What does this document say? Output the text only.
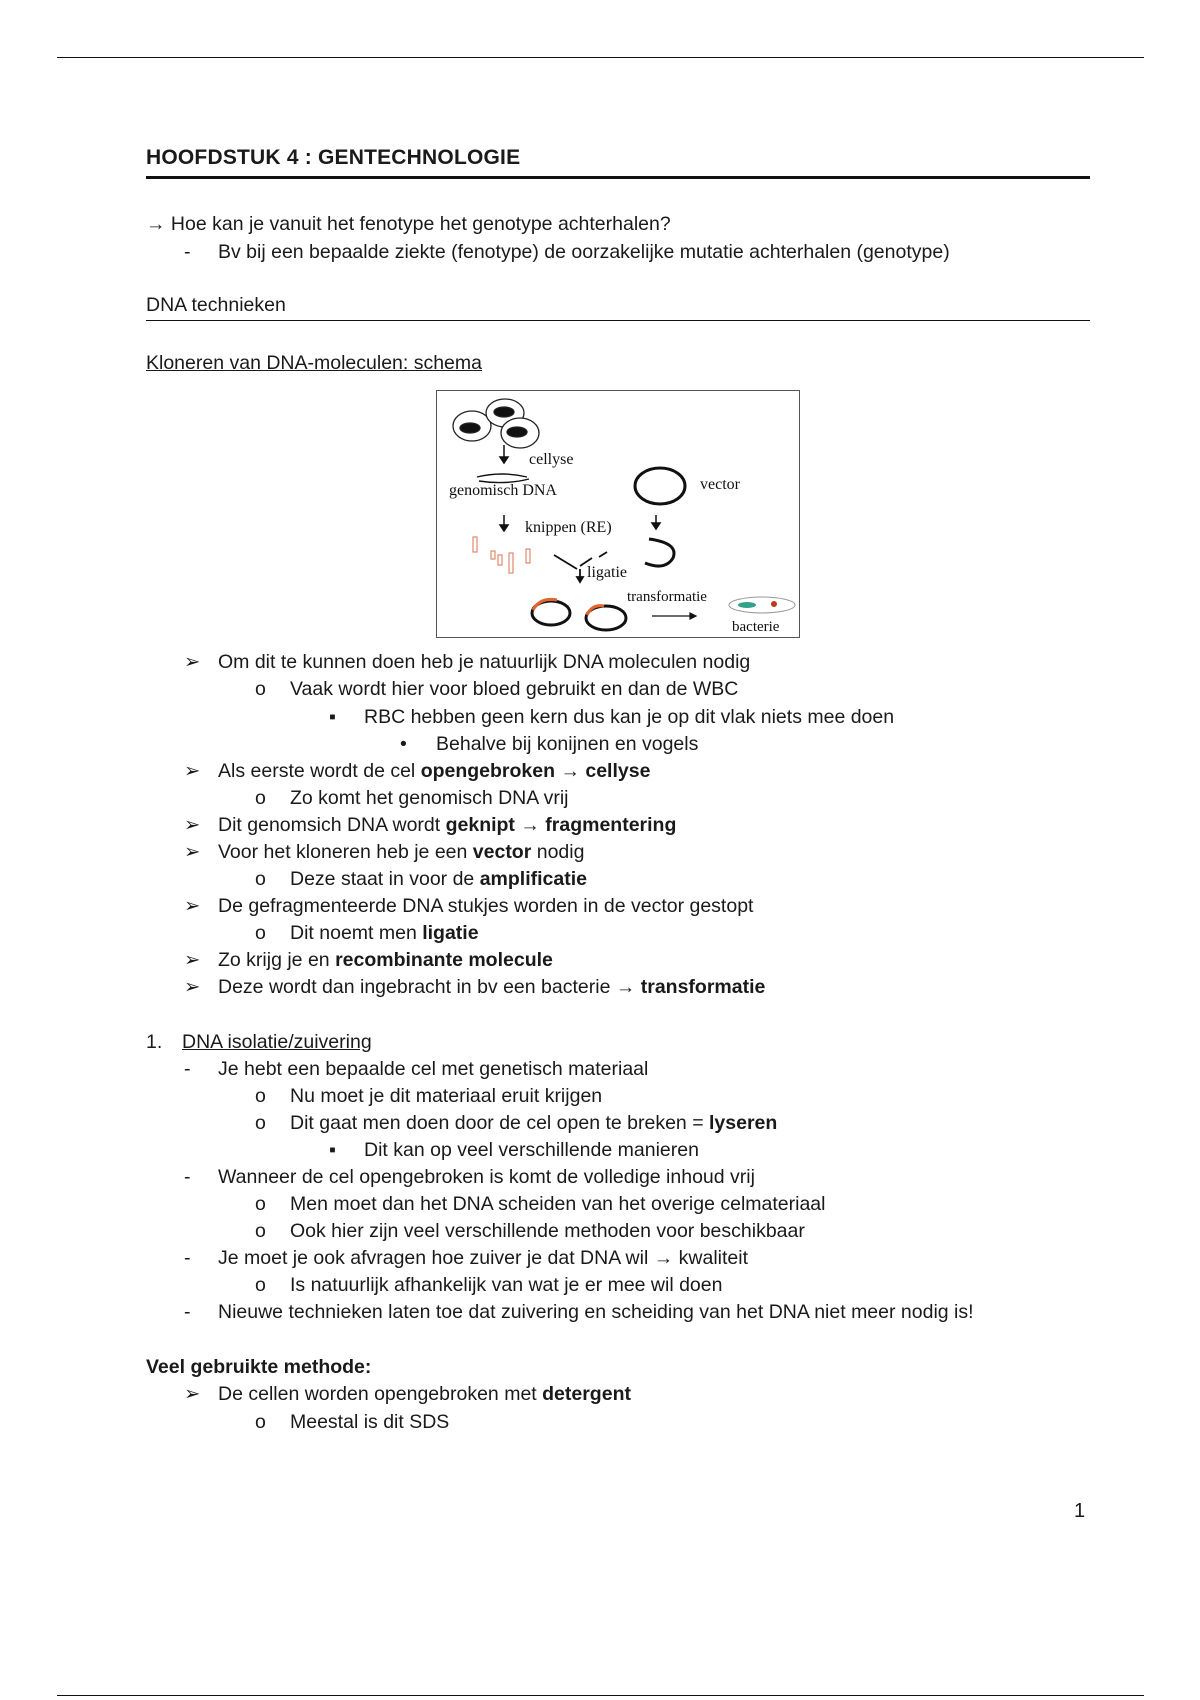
HOOFDSTUK 4 : GENTECHNOLOGIE
→ Hoe kan je vanuit het fenotype het genotype achterhalen?
- Bv bij een bepaalde ziekte (fenotype) de oorzakelijke mutatie achterhalen (genotype)
DNA technieken
Kloneren van DNA-moleculen: schema
cellyse
genomisch DNA
knippen (RE)
vector
ligatie
transformatie
bacterie
➢ Om dit te kunnen doen heb je natuurlijk DNA moleculen nodig
o Vaak wordt hier voor bloed gebruikt en dan de WBC
▪ RBC hebben geen kern dus kan je op dit vlak niets mee doen
• Behalve bij konijnen en vogels
➢ Als eerste wordt de cel opengebroken → cellyse
o Zo komt het genomisch DNA vrij
➢ Dit genomsich DNA wordt geknipt → fragmentering
➢ Voor het kloneren heb je een vector nodig
o Deze staat in voor de amplificatie
➢ De gefragmenteerde DNA stukjes worden in de vector gestopt
o Dit noemt men ligatie
➢ Zo krijg je en recombinante molecule
➢ Deze wordt dan ingebracht in bv een bacterie → transformatie
1. DNA isolatie/zuivering
- Je hebt een bepaalde cel met genetisch materiaal
o Nu moet je dit materiaal eruit krijgen
o Dit gaat men doen door de cel open te breken = lyseren
▪ Dit kan op veel verschillende manieren
- Wanneer de cel opengebroken is komt de volledige inhoud vrij
o Men moet dan het DNA scheiden van het overige celmateriaal
o Ook hier zijn veel verschillende methoden voor beschikbaar
- Je moet je ook afvragen hoe zuiver je dat DNA wil → kwaliteit
o Is natuurlijk afhankelijk van wat je er mee wil doen
- Nieuwe technieken laten toe dat zuivering en scheiding van het DNA niet meer nodig is!
Veel gebruikte methode:
➢ De cellen worden opengebroken met detergent
o Meestal is dit SDS
1
